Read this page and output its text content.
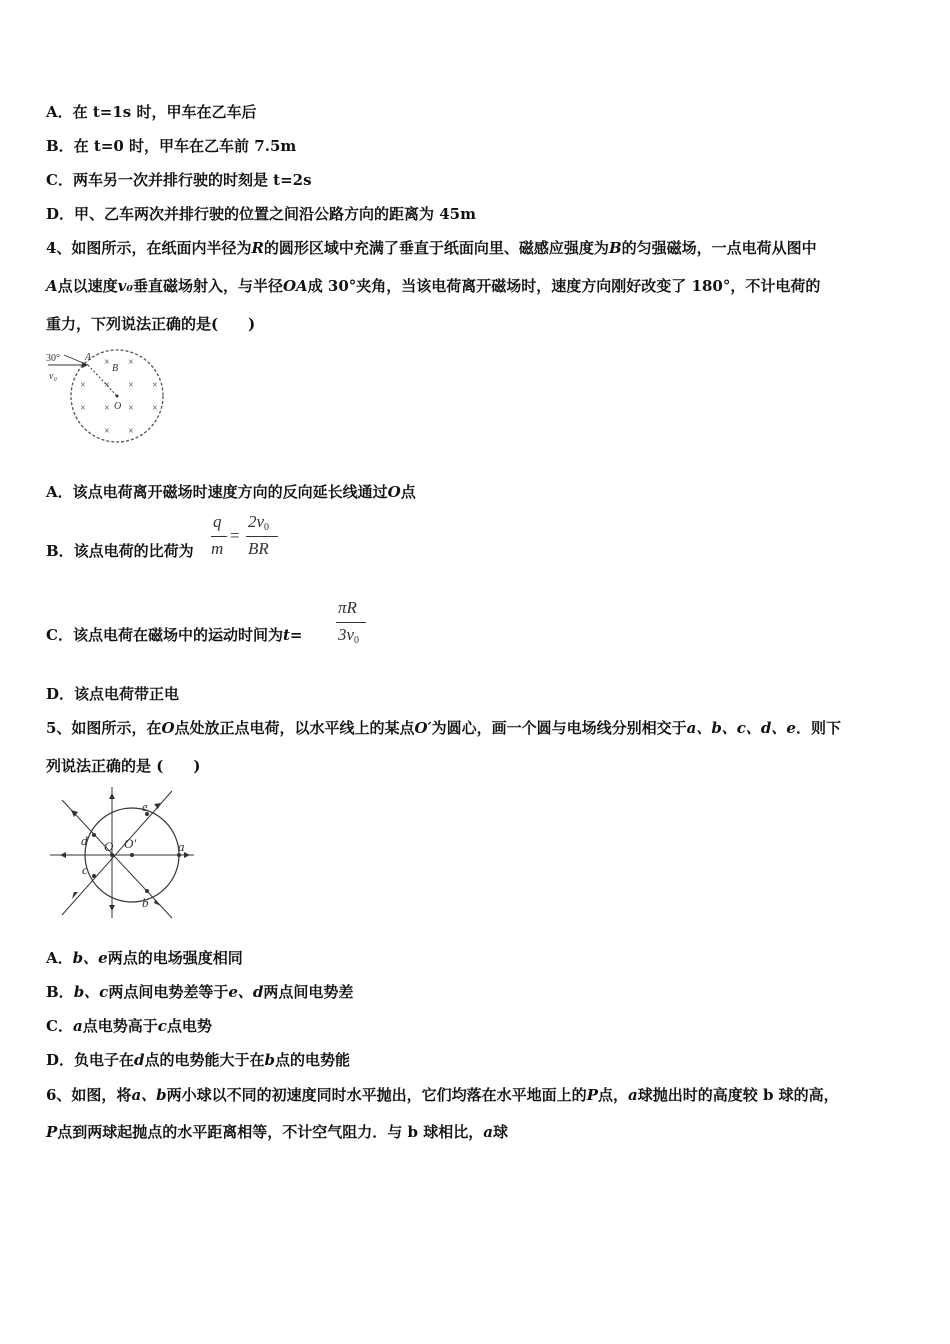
A．在 t=1s 时，甲车在乙车后
B．在 t=0 时，甲车在乙车前 7.5m
C．两车另一次并排行驶的时刻是 t=2s
D．甲、乙车两次并排行驶的位置之间沿公路方向的距离为 45m
4、如图所示，在纸面内半径为R的圆形区域中充满了垂直于纸面向里、磁感应强度为B的匀强磁场，一点电荷从图中
A点以速度v₀垂直磁场射入，与半径OA成 30°夹角，当该电荷离开磁场时，速度方向刚好改变了 180°，不计电荷的
重力，下列说法正确的是(　　)
30°	A
v₀
B
O
× ×
× × × ×
× × × ×
× ×
A．该点电荷离开磁场时速度方向的反向延长线通过O点
B．该点电荷的比荷为
q
m
=
$2v_0$
BR
C．该点电荷在磁场中的运动时间为t=
πR
$3v_0$
D．该点电荷带正电
5、如图所示，在O点处放正点电荷，以水平线上的某点O′为圆心，画一个圆与电场线分别相交于a、b、c、d、e．则下
列说法正确的是 (　　)
O O′	a
b
c
d
e
A．b、e两点的电场强度相同
B．b、c两点间电势差等于e、d两点间电势差
C．a点电势高于c点电势
D．负电子在d点的电势能大于在b点的电势能
6、如图，将a、b两小球以不同的初速度同时水平抛出，它们均落在水平地面上的P点，a球抛出时的高度较 b 球的高，
P点到两球起抛点的水平距离相等，不计空气阻力．与 b 球相比，a球
